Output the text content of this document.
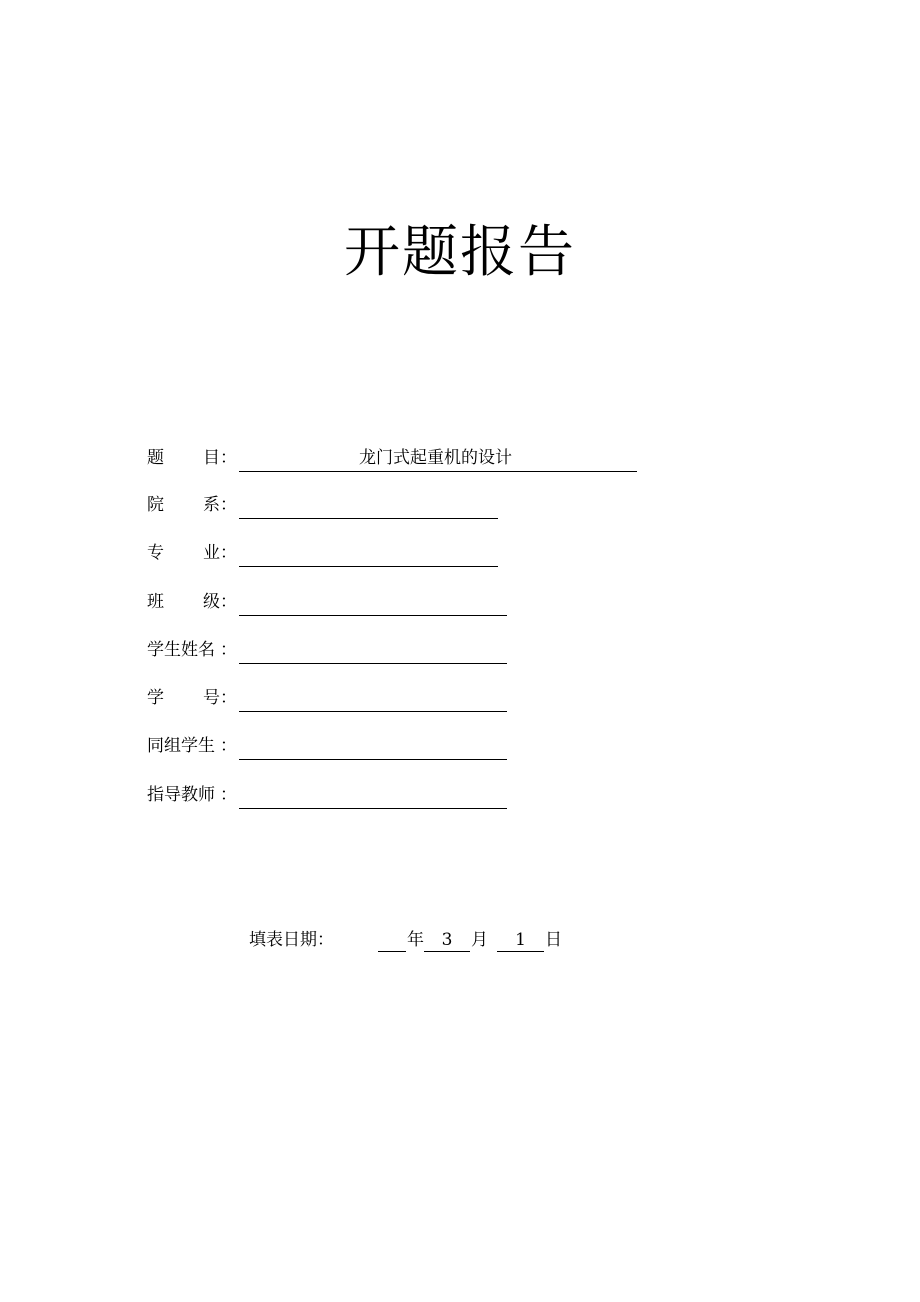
开题报告
题 目 ：	龙门式起重机的设计
院 系 ：
专 业 ：
班 级 ：
学生姓名 ：
学 号 ：
同组学生 ：
指导教师 ：
填表日期：	年	3	月	1	日
